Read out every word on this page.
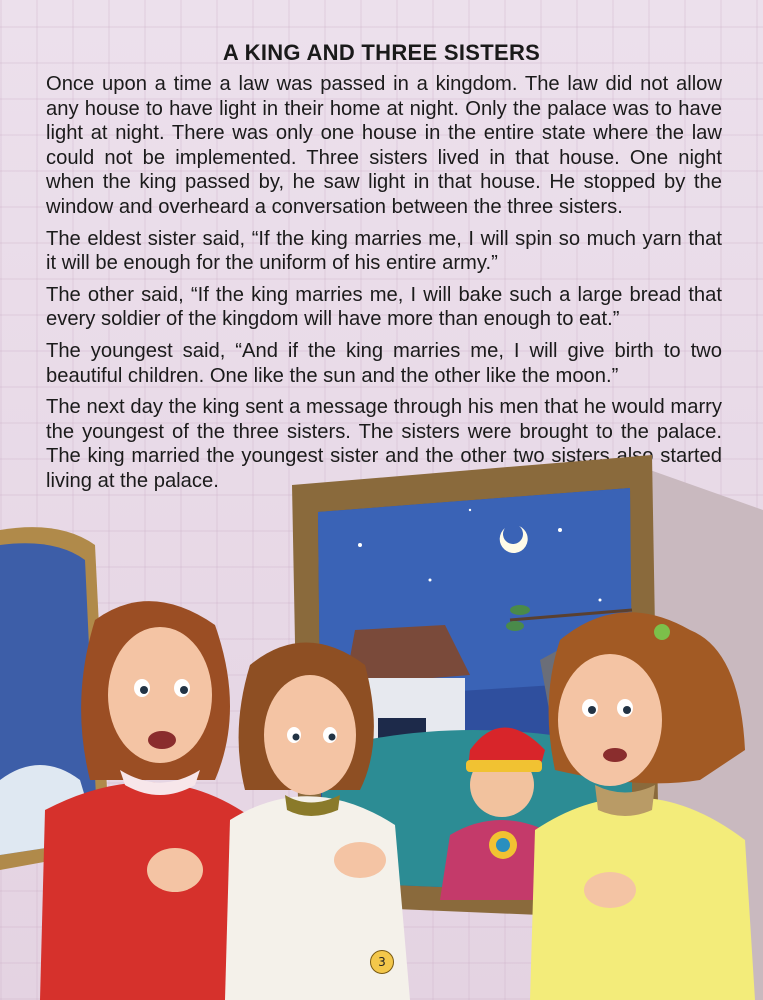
A KING AND THREE SISTERS

Once upon a time a law was passed in a kingdom. The law did not allow any house to have light in their home at night. Only the palace was to have light at night. There was only one house in the entire state where the law could not be implemented. Three sisters lived in that house. One night when the king passed by, he saw light in that house. He stopped by the window and overheard a conversation between the three sisters.

The eldest sister said, “If the king marries me, I will spin so much yarn that it will be enough for the uniform of his entire army.”

The other said, “If the king marries me, I will bake such a large bread that every soldier of the kingdom will have more than enough to eat.”

The youngest said, “And if the king marries me, I will give birth to two beautiful children. One like the sun and the other like the moon.”

The next day the king sent a message through his men that he would marry the youngest of the three sisters. The sisters were brought to the palace. The king married the youngest sister and the other two sisters also started living at the palace.

3
